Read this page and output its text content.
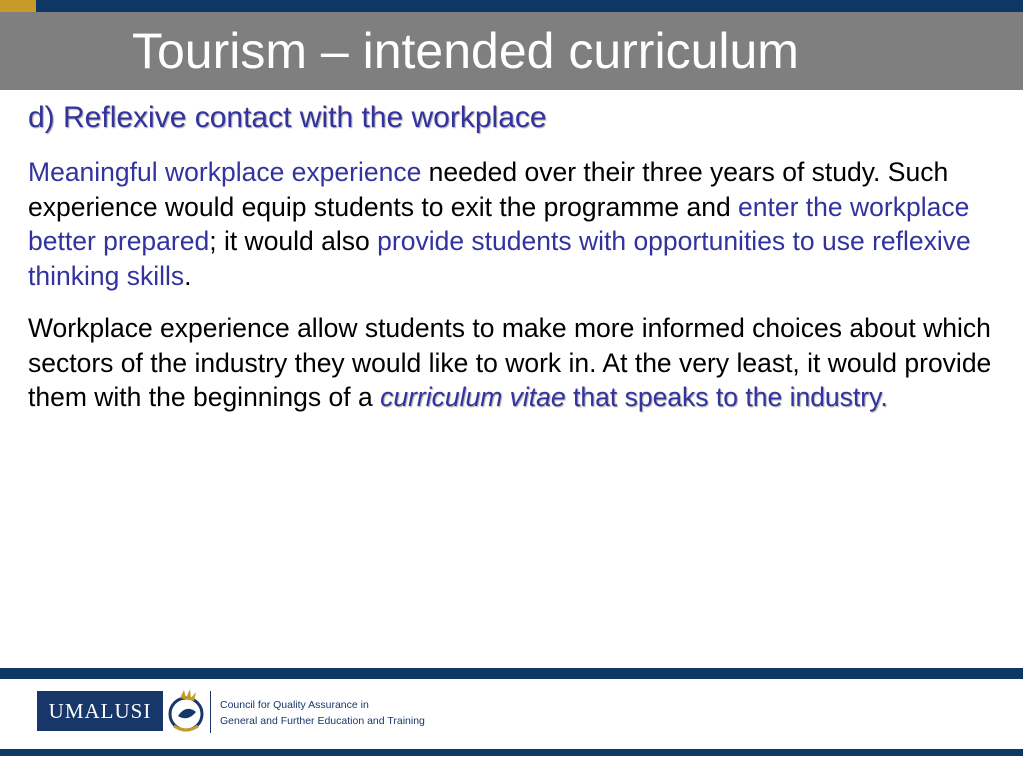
Tourism – intended curriculum
d) Reflexive contact with the workplace

Meaningful workplace experience needed over their three years of study. Such experience would equip students to exit the programme and enter the workplace better prepared; it would also provide students with opportunities to use reflexive thinking skills.

Workplace experience allow students to make more informed choices about which sectors of the industry they would like to work in. At the very least, it would provide them with the beginnings of a curriculum vitae that speaks to the industry.

UMALUSI	Council for Quality Assurance in
General and Further Education and Training
